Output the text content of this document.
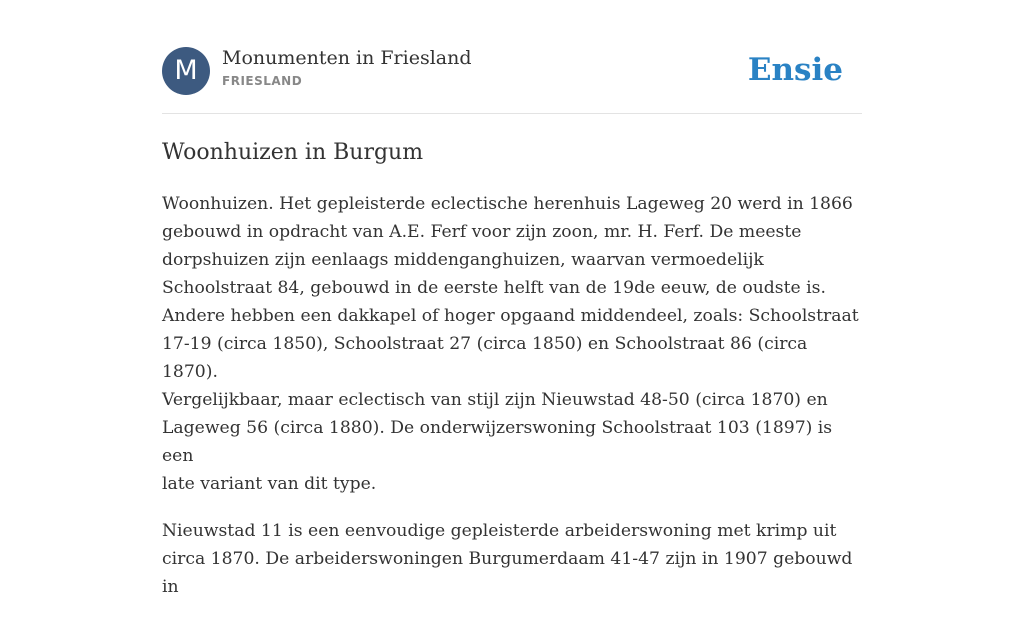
M	Monumenten in Friesland
FRIESLAND	Ensie
Woonhuizen in Burgum

Woonhuizen. Het gepleisterde eclectische herenhuis Lageweg 20 werd in 1866
gebouwd in opdracht van A.E. Ferf voor zijn zoon, mr. H. Ferf. De meeste
dorpshuizen zijn eenlaags middenganghuizen, waarvan vermoedelijk
Schoolstraat 84, gebouwd in de eerste helft van de 19de eeuw, de oudste is.
Andere hebben een dakkapel of hoger opgaand middendeel, zoals: Schoolstraat
17-19 (circa 1850), Schoolstraat 27 (circa 1850) en Schoolstraat 86 (circa 1870).
Vergelijkbaar, maar eclectisch van stijl zijn Nieuwstad 48-50 (circa 1870) en
Lageweg 56 (circa 1880). De onderwijzerswoning Schoolstraat 103 (1897) is een
late variant van dit type.

Nieuwstad 11 is een eenvoudige gepleisterde arbeiderswoning met krimp uit
circa 1870. De arbeiderswoningen Burgumerdaam 41-47 zijn in 1907 gebouwd in
